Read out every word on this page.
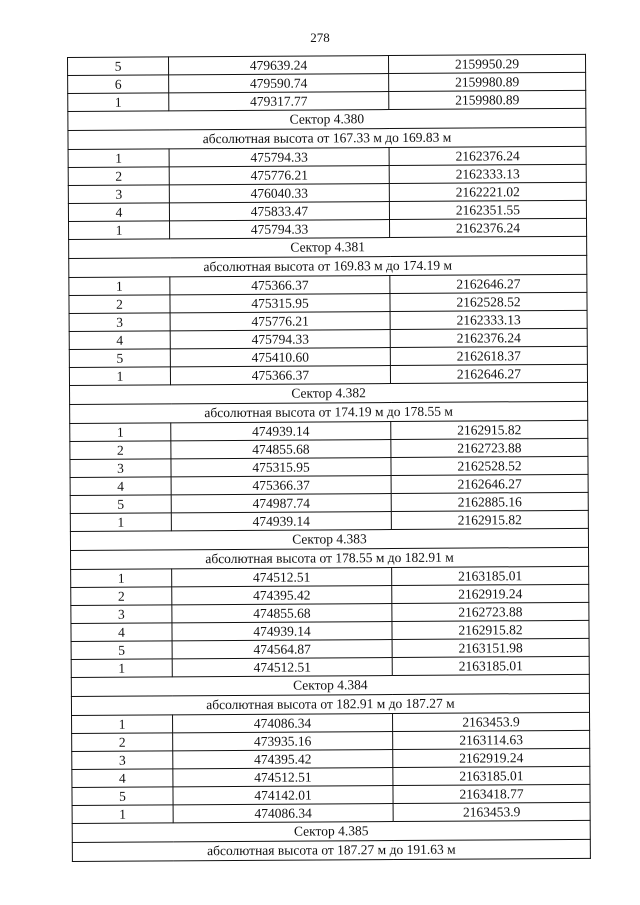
278
5	479639.24	2159950.29
6	479590.74	2159980.89
1	479317.77	2159980.89
Сектор 4.380		
абсолютная высота от 167.33 м до 169.83 м		
1	475794.33	2162376.24
2	475776.21	2162333.13
3	476040.33	2162221.02
4	475833.47	2162351.55
1	475794.33	2162376.24
Сектор 4.381		
абсолютная высота от 169.83 м до 174.19 м		
1	475366.37	2162646.27
2	475315.95	2162528.52
3	475776.21	2162333.13
4	475794.33	2162376.24
5	475410.60	2162618.37
1	475366.37	2162646.27
Сектор 4.382		
абсолютная высота от 174.19 м до 178.55 м		
1	474939.14	2162915.82
2	474855.68	2162723.88
3	475315.95	2162528.52
4	475366.37	2162646.27
5	474987.74	2162885.16
1	474939.14	2162915.82
Сектор 4.383		
абсолютная высота от 178.55 м до 182.91 м		
1	474512.51	2163185.01
2	474395.42	2162919.24
3	474855.68	2162723.88
4	474939.14	2162915.82
5	474564.87	2163151.98
1	474512.51	2163185.01
Сектор 4.384		
абсолютная высота от 182.91 м до 187.27 м		
1	474086.34	2163453.9
2	473935.16	2163114.63
3	474395.42	2162919.24
4	474512.51	2163185.01
5	474142.01	2163418.77
1	474086.34	2163453.9
Сектор 4.385		
абсолютная высота от 187.27 м до 191.63 м		
